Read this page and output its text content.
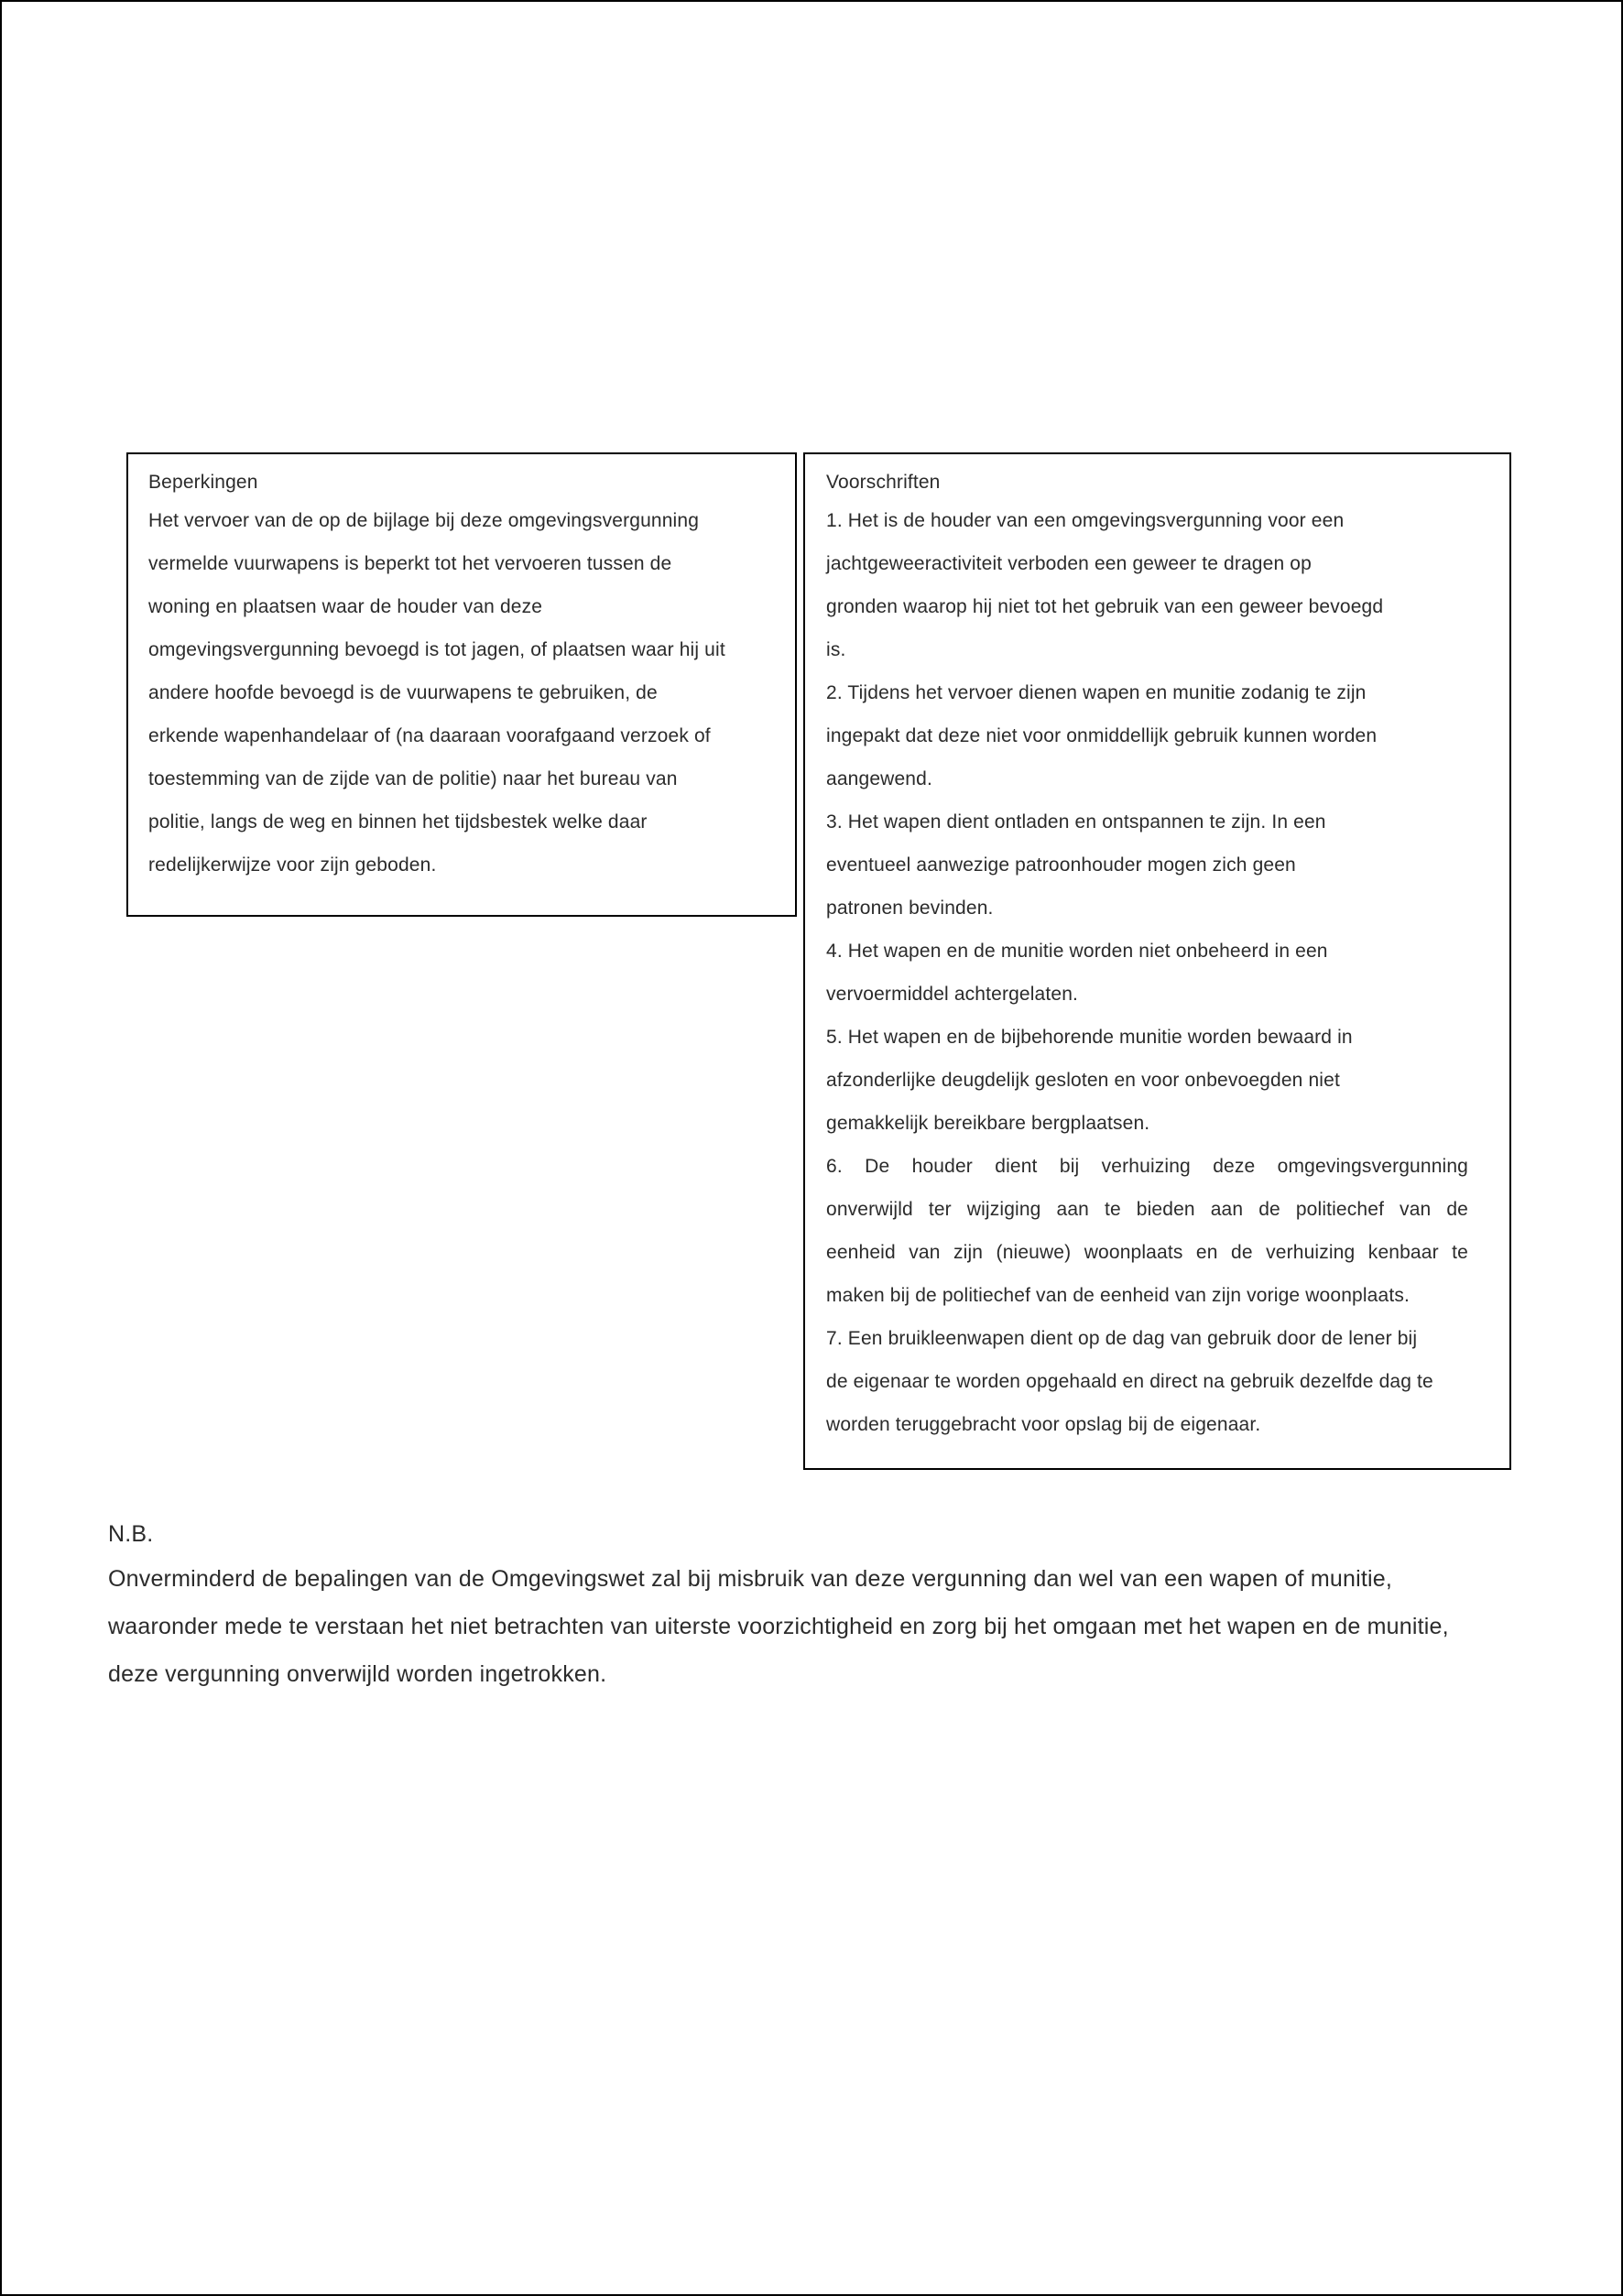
Beperkingen
Het vervoer van de op de bijlage bij deze omgevingsvergunning
vermelde vuurwapens is beperkt tot het vervoeren tussen de
woning en plaatsen waar de houder van deze
omgevingsvergunning bevoegd is tot jagen, of plaatsen waar hij uit
andere hoofde bevoegd is de vuurwapens te gebruiken, de
erkende wapenhandelaar of (na daaraan voorafgaand verzoek of
toestemming van de zijde van de politie) naar het bureau van
politie, langs de weg en binnen het tijdsbestek welke daar
redelijkerwijze voor zijn geboden.
Voorschriften
1. Het is de houder van een omgevingsvergunning voor een
jachtgeweeractiviteit verboden een geweer te dragen op
gronden waarop hij niet tot het gebruik van een geweer bevoegd
is.
2. Tijdens het vervoer dienen wapen en munitie zodanig te zijn
ingepakt dat deze niet voor onmiddellijk gebruik kunnen worden
aangewend.
3. Het wapen dient ontladen en ontspannen te zijn. In een
eventueel aanwezige patroonhouder mogen zich geen
patronen bevinden.
4. Het wapen en de munitie worden niet onbeheerd in een
vervoermiddel achtergelaten.
5. Het wapen en de bijbehorende munitie worden bewaard in
afzonderlijke deugdelijk gesloten en voor onbevoegden niet
gemakkelijk bereikbare bergplaatsen.
6. De houder dient bij verhuizing deze omgevingsvergunning
onverwijld ter wijziging aan te bieden aan de politiechef van de
eenheid van zijn (nieuwe) woonplaats en de verhuizing kenbaar te
maken bij de politiechef van de eenheid van zijn vorige woonplaats.
7. Een bruikleenwapen dient op de dag van gebruik door de lener bij
de eigenaar te worden opgehaald en direct na gebruik dezelfde dag te
worden teruggebracht voor opslag bij de eigenaar.
N.B.
Onverminderd de bepalingen van de Omgevingswet zal bij misbruik van deze vergunning dan wel van een wapen of munitie,
waaronder mede te verstaan het niet betrachten van uiterste voorzichtigheid en zorg bij het omgaan met het wapen en de munitie,
deze vergunning onverwijld worden ingetrokken.
